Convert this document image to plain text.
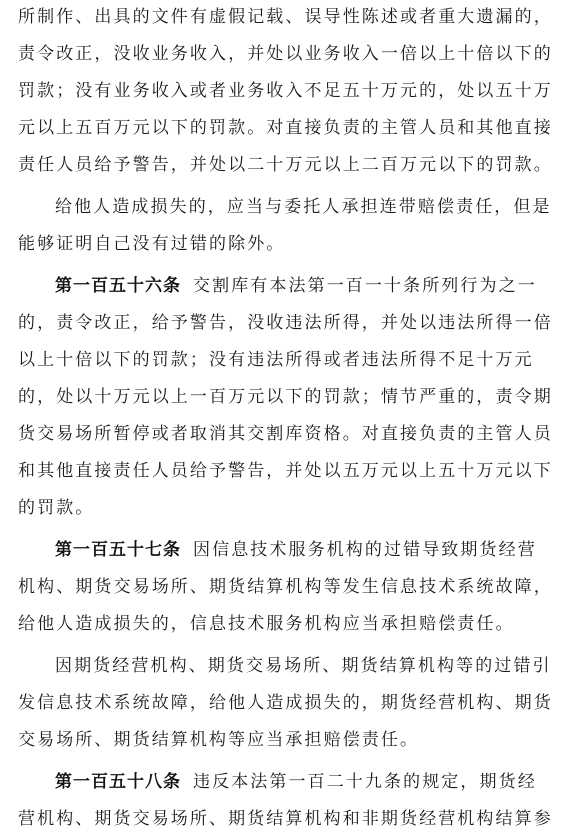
所制作、出具的文件有虚假记载、误导性陈述或者重大遗漏的，
责令改正，没收业务收入，并处以业务收入一倍以上十倍以下的
罚款；没有业务收入或者业务收入不足五十万元的，处以五十万
元以上五百万元以下的罚款。对直接负责的主管人员和其他直接
责任人员给予警告，并处以二十万元以上二百万元以下的罚款。
给他人造成损失的，应当与委托人承担连带赔偿责任，但是
能够证明自己没有过错的除外。
第一百五十六条 交割库有本法第一百一十条所列行为之一
的，责令改正，给予警告，没收违法所得，并处以违法所得一倍
以上十倍以下的罚款；没有违法所得或者违法所得不足十万元
的，处以十万元以上一百万元以下的罚款；情节严重的，责令期
货交易场所暂停或者取消其交割库资格。对直接负责的主管人员
和其他直接责任人员给予警告，并处以五万元以上五十万元以下
的罚款。
第一百五十七条 因信息技术服务机构的过错导致期货经营
机构、期货交易场所、期货结算机构等发生信息技术系统故障，
给他人造成损失的，信息技术服务机构应当承担赔偿责任。
因期货经营机构、期货交易场所、期货结算机构等的过错引
发信息技术系统故障，给他人造成损失的，期货经营机构、期货
交易场所、期货结算机构等应当承担赔偿责任。
第一百五十八条 违反本法第一百二十九条的规定，期货经
营机构、期货交易场所、期货结算机构和非期货经营机构结算参
